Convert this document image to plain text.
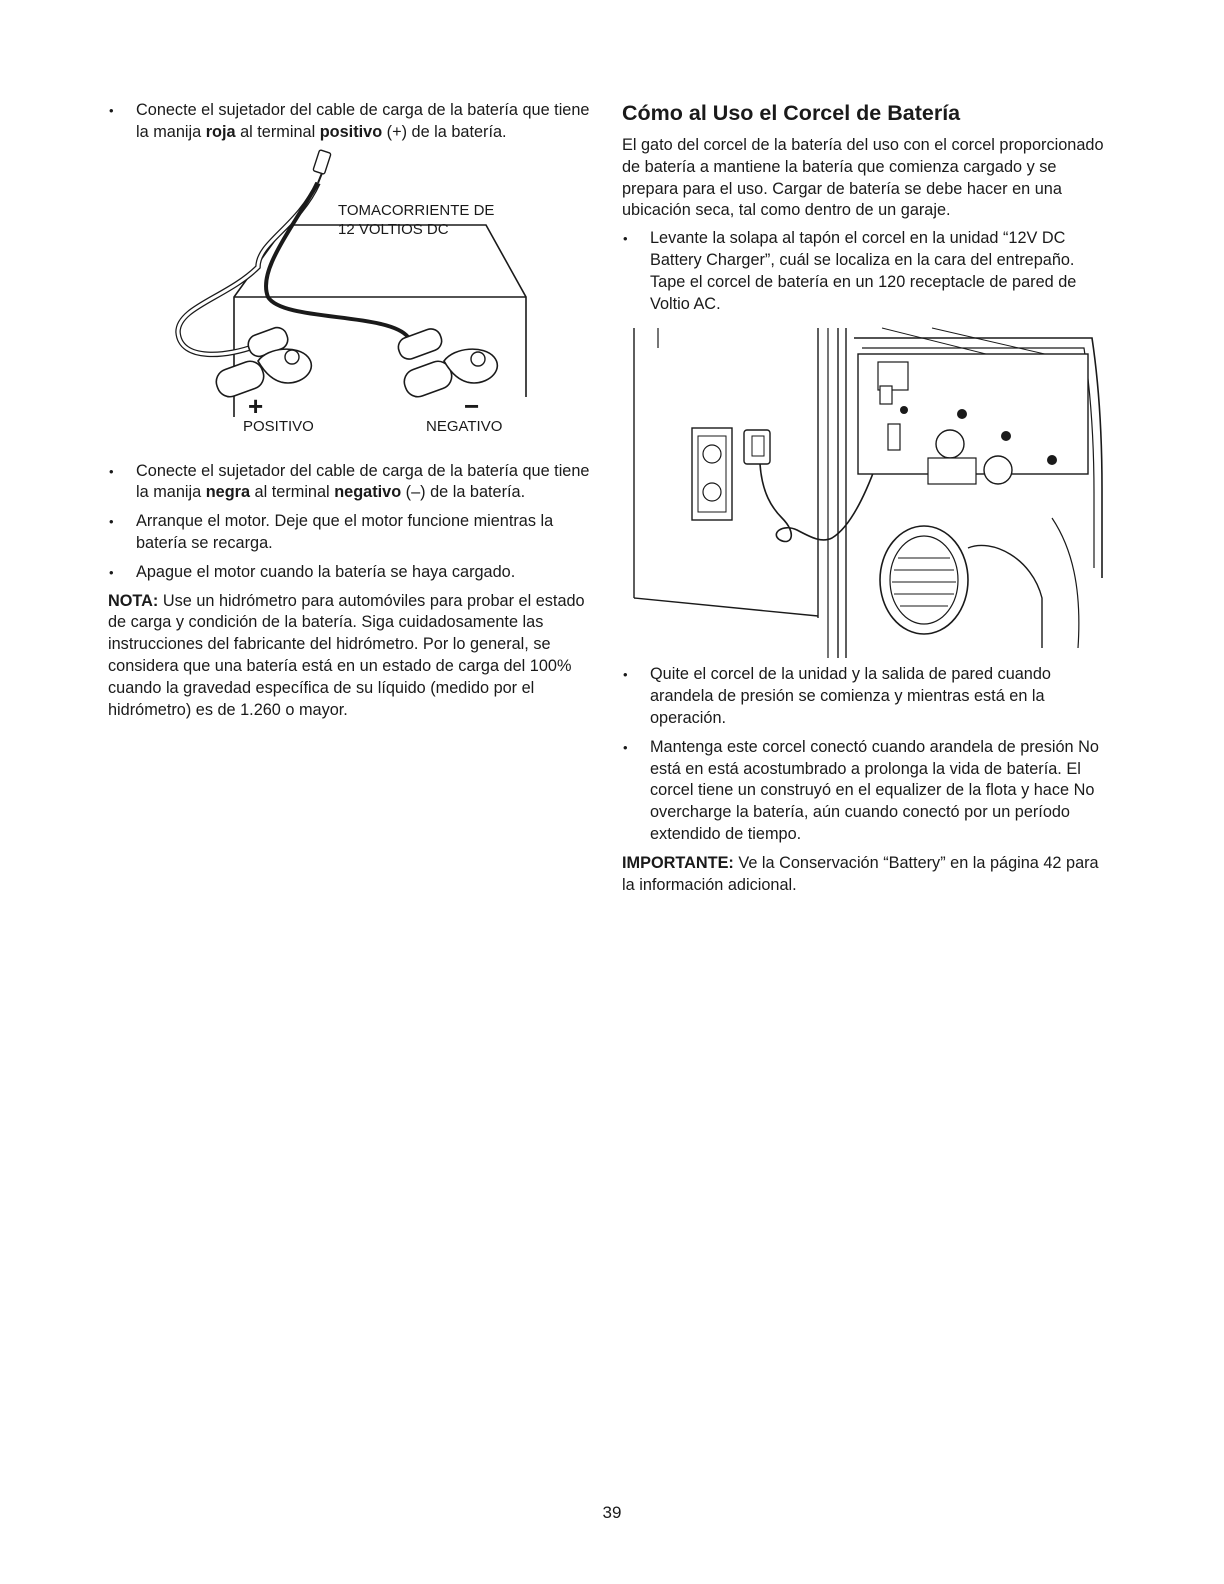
• Conecte el sujetador del cable de carga de la batería que tiene la manija roja al terminal positivo (+) de la batería.

TOMACORRIENTE DE
12 VOLTIOS DC
+	−
POSITIVO	NEGATIVO

• Conecte el sujetador del cable de carga de la batería que tiene la manija negra al terminal negativo (–) de la batería.

• Arranque el motor. Deje que el motor funcione mientras la batería se recarga.

• Apague el motor cuando la batería se haya cargado.

NOTA: Use un hidrómetro para automóviles para probar el estado de carga y condición de la batería. Siga cuidadosamente las instrucciones del fabricante del hidrómetro. Por lo general, se considera que una batería está en un estado de carga del 100% cuando la gravedad específica de su líquido (medido por el hidrómetro) es de 1.260 o mayor.

Cómo al Uso el Corcel de Batería

El gato del corcel de la batería del uso con el corcel proporcionado de batería a mantiene la batería que comienza cargado y se prepara para el uso. Cargar de batería se debe hacer en una ubicación seca, tal como dentro de un garaje.

• Levante la solapa al tapón el corcel en la unidad “12V DC Battery Charger”, cuál se localiza en la cara del entrepaño. Tape el corcel de batería en un 120 receptacle de pared de Voltio AC.

• Quite el corcel de la unidad y la salida de pared cuando arandela de presión se comienza y mientras está en la operación.

• Mantenga este corcel conectó cuando arandela de presión No está en está acostumbrado a prolonga la vida de batería. El corcel tiene un construyó en el equalizer de la flota y hace No overcharge la batería, aún cuando conectó por un período extendido de tiempo.

IMPORTANTE: Ve la Conservación “Battery” en la página 42 para la información adicional.

39
